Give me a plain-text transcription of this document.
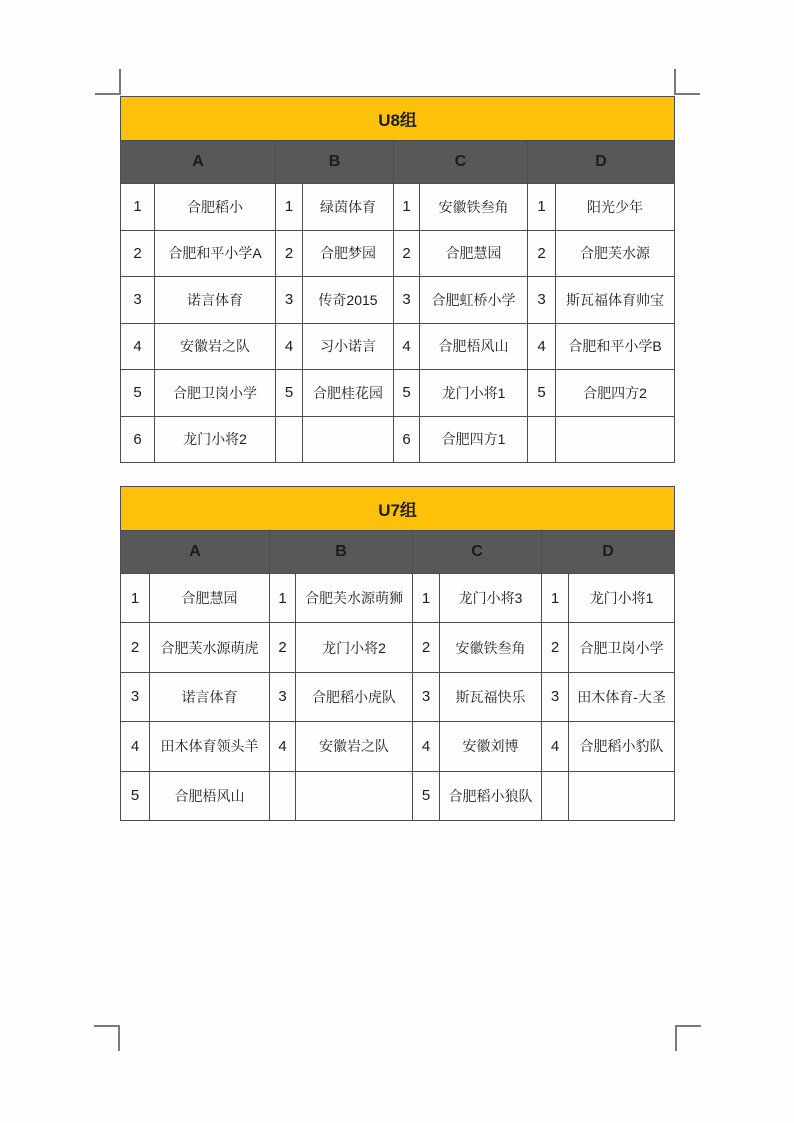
U8组							
A		B		C		D	
1	合肥稻小	1	绿茵体育	1	安徽铁叁角	1	阳光少年
2	合肥和平小学A	2	合肥梦园	2	合肥慧园	2	合肥芙水源
3	诺言体育	3	传奇2015	3	合肥虹桥小学	3	斯瓦福体育帅宝
4	安徽岩之队	4	习小诺言	4	合肥梧风山	4	合肥和平小学B
5	合肥卫岗小学	5	合肥桂花园	5	龙门小将1	5	合肥四方2
6	龙门小将2			6	合肥四方1		
U7组							
A		B		C		D	
1	合肥慧园	1	合肥芙水源萌狮	1	龙门小将3	1	龙门小将1
2	合肥芙水源萌虎	2	龙门小将2	2	安徽铁叁角	2	合肥卫岗小学
3	诺言体育	3	合肥稻小虎队	3	斯瓦福快乐	3	田木体育-大圣
4	田木体育领头羊	4	安徽岩之队	4	安徽刘博	4	合肥稻小豹队
5	合肥梧风山			5	合肥稻小狼队		
